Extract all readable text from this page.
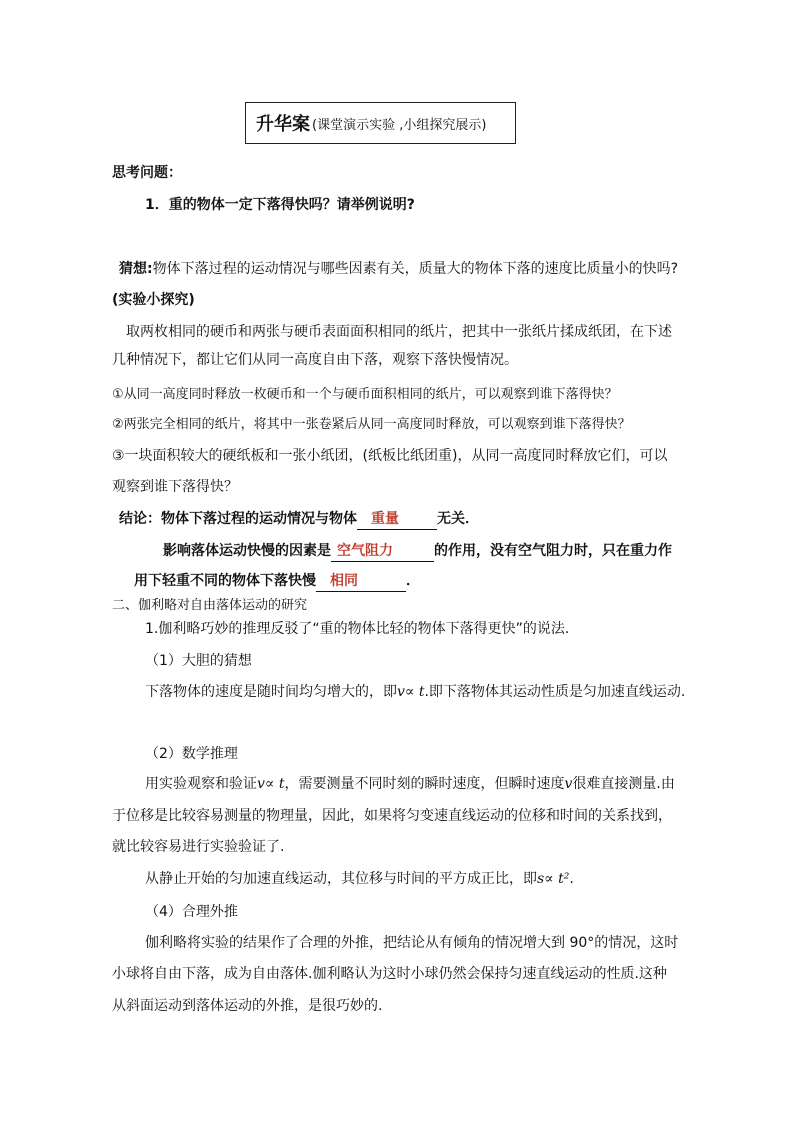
升华案 (课堂演示实验 ,小组探究展示)
思考问题：
1．重的物体一定下落得快吗？请举例说明?
猜想:物体下落过程的运动情况与哪些因素有关，质量大的物体下落的速度比质量小的快吗?
(实验小探究)
取两枚相同的硬币和两张与硬币表面面积相同的纸片，把其中一张纸片揉成纸团，在下述
几种情况下，都让它们从同一高度自由下落，观察下落快慢情况。
①从同一高度同时释放一枚硬币和一个与硬币面积相同的纸片，可以观察到谁下落得快？
②两张完全相同的纸片，将其中一张卷紧后从同一高度同时释放，可以观察到谁下落得快？
③一块面积较大的硬纸板和一张小纸团，(纸板比纸团重)，从同一高度同时释放它们，可以
观察到谁下落得快？
结论：物体下落过程的运动情况与物体 重量	无关．
影响落体运动快慢的因素是 空气阻力	的作用，没有空气阻力时，只在重力作
用下轻重不同的物体下落快慢 相同	．
二、伽利略对自由落体运动的研究
1.伽利略巧妙的推理反驳了“重的物体比轻的物体下落得更快”的说法.
（1）大胆的猜想
下落物体的速度是随时间均匀增大的，即v∝ t.即下落物体其运动性质是匀加速直线运动.
（2）数学推理
用实验观察和验证v∝ t，需要测量不同时刻的瞬时速度，但瞬时速度v很难直接测量.由
于位移是比较容易测量的物理量，因此，如果将匀变速直线运动的位移和时间的关系找到，
就比较容易进行实验验证了.
从静止开始的匀加速直线运动，其位移与时间的平方成正比，即s∝ t².
（4）合理外推
伽利略将实验的结果作了合理的外推，把结论从有倾角的情况增大到 90°的情况，这时
小球将自由下落，成为自由落体.伽利略认为这时小球仍然会保持匀速直线运动的性质.这种
从斜面运动到落体运动的外推，是很巧妙的.
